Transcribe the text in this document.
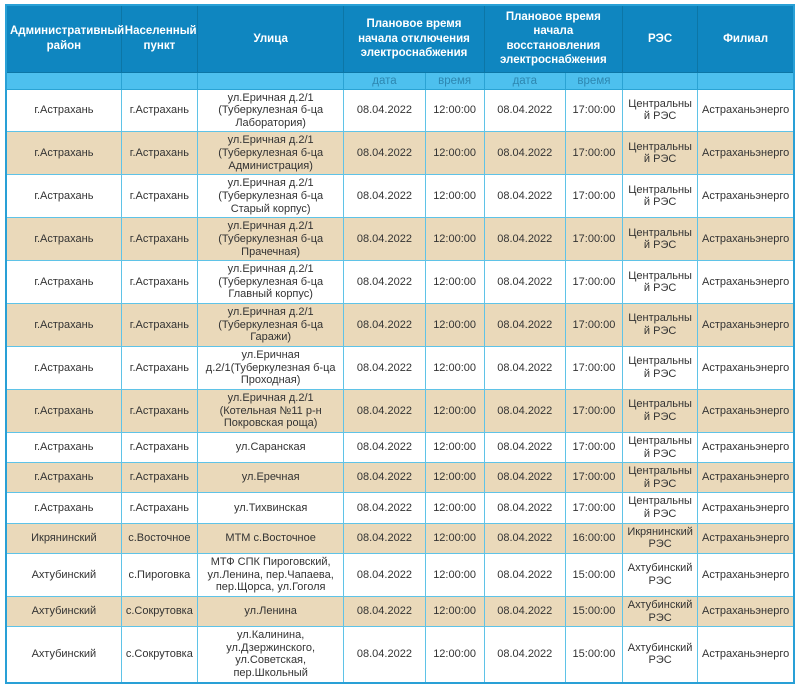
Административный район	Населенный пункт	Улица	Плановое время начала отключения электроснабжения		Плановое время начала восстановления электроснабжения		РЭС	Филиал
			дата	время	дата	время		
г.Астрахань	г.Астрахань	ул.Еричная д.2/1 (Туберкулезная б-ца Лаборатория)	08.04.2022	12:00:00	08.04.2022	17:00:00	Центральный РЭС	Астраханьэнерго
г.Астрахань	г.Астрахань	ул.Еричная д.2/1 (Туберкулезная б-ца Администрация)	08.04.2022	12:00:00	08.04.2022	17:00:00	Центральный РЭС	Астраханьэнерго
г.Астрахань	г.Астрахань	ул.Еричная д.2/1 (Туберкулезная б-ца Старый корпус)	08.04.2022	12:00:00	08.04.2022	17:00:00	Центральный РЭС	Астраханьэнерго
г.Астрахань	г.Астрахань	ул.Еричная д.2/1 (Туберкулезная б-ца Прачечная)	08.04.2022	12:00:00	08.04.2022	17:00:00	Центральный РЭС	Астраханьэнерго
г.Астрахань	г.Астрахань	ул.Еричная д.2/1 (Туберкулезная б-ца Главный корпус)	08.04.2022	12:00:00	08.04.2022	17:00:00	Центральный РЭС	Астраханьэнерго
г.Астрахань	г.Астрахань	ул.Еричная д.2/1 (Туберкулезная б-ца Гаражи)	08.04.2022	12:00:00	08.04.2022	17:00:00	Центральный РЭС	Астраханьэнерго
г.Астрахань	г.Астрахань	ул.Еричная д.2/1(Туберкулезная б-ца Проходная)	08.04.2022	12:00:00	08.04.2022	17:00:00	Центральный РЭС	Астраханьэнерго
г.Астрахань	г.Астрахань	ул.Еричная д.2/1 (Котельная №11 р-н Покровская роща)	08.04.2022	12:00:00	08.04.2022	17:00:00	Центральный РЭС	Астраханьэнерго
г.Астрахань	г.Астрахань	ул.Саранская	08.04.2022	12:00:00	08.04.2022	17:00:00	Центральный РЭС	Астраханьэнерго
г.Астрахань	г.Астрахань	ул.Еречная	08.04.2022	12:00:00	08.04.2022	17:00:00	Центральный РЭС	Астраханьэнерго
г.Астрахань	г.Астрахань	ул.Тихвинская	08.04.2022	12:00:00	08.04.2022	17:00:00	Центральный РЭС	Астраханьэнерго
Икрянинский	с.Восточное	МТМ с.Восточное	08.04.2022	12:00:00	08.04.2022	16:00:00	Икрянинский РЭС	Астраханьэнерго
Ахтубинский	с.Пироговка	МТФ СПК Пироговский, ул.Ленина, пер.Чапаева, пер.Щорса, ул.Гоголя	08.04.2022	12:00:00	08.04.2022	15:00:00	Ахтубинский РЭС	Астраханьэнерго
Ахтубинский	с.Сокрутовка	ул.Ленина	08.04.2022	12:00:00	08.04.2022	15:00:00	Ахтубинский РЭС	Астраханьэнерго
Ахтубинский	с.Сокрутовка	ул.Калинина, ул.Дзержинского, ул.Советская, пер.Школьный	08.04.2022	12:00:00	08.04.2022	15:00:00	Ахтубинский РЭС	Астраханьэнерго
